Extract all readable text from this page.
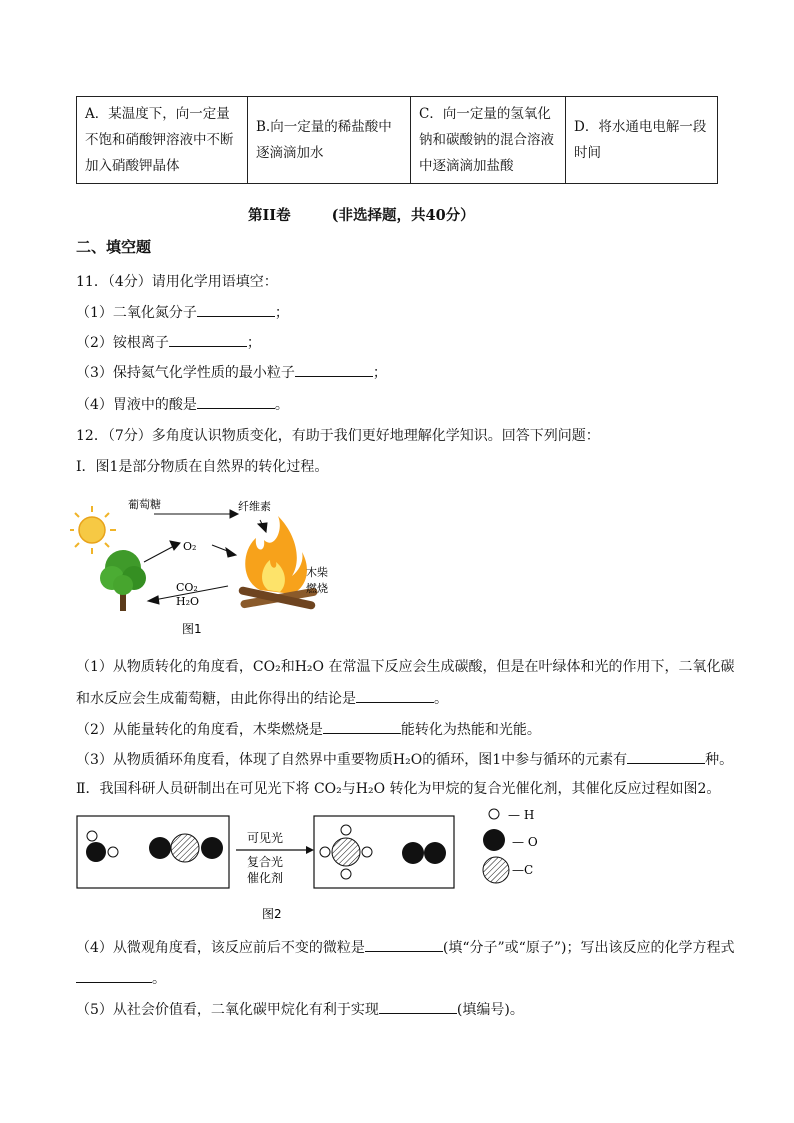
A．某温度下，向一定量
不饱和硝酸钾溶液中不断
加入硝酸钾晶体

B.向一定量的稀盐酸中
逐滴滴加水

C．向一定量的氢氧化
钠和碳酸钠的混合溶液
中逐滴滴加盐酸

D．将水通电电解一段
时间
第II卷	(非选择题，共40分）
二、填空题
11．（4分）请用化学用语填空：
（1）二氧化氮分子	；
（2）铵根离子	；
（3）保持氦气化学性质的最小粒子	；
（4）胃液中的酸是	。
12．（7分）多角度认识物质变化，有助于我们更好地理解化学知识。回答下列问题：
Ⅰ．图1是部分物质在自然界的转化过程。
葡萄糖	纤维素
O₂
CO₂
H₂O
木柴
燃烧
图1
（1）从物质转化的角度看，CO₂和H₂O 在常温下反应会生成碳酸，但是在叶绿体和光的作用下，二氧化碳
和水反应会生成葡萄糖，由此你得出的结论是	。
（2）从能量转化的角度看，木柴燃烧是	能转化为热能和光能。
（3）从物质循环角度看，体现了自然界中重要物质H₂O的循环，图1中参与循环的元素有	种。
Ⅱ．我国科研人员研制出在可见光下将 CO₂与H₂O 转化为甲烷的复合光催化剂，其催化反应过程如图2。
可见光
复合光
催化剂
— H
— O
—C
图2
（4）从微观角度看，该反应前后不变的微粒是	(填“分子”或“原子”)；写出该反应的化学方程式
。
（5）从社会价值看，二氧化碳甲烷化有利于实现	(填编号)。
